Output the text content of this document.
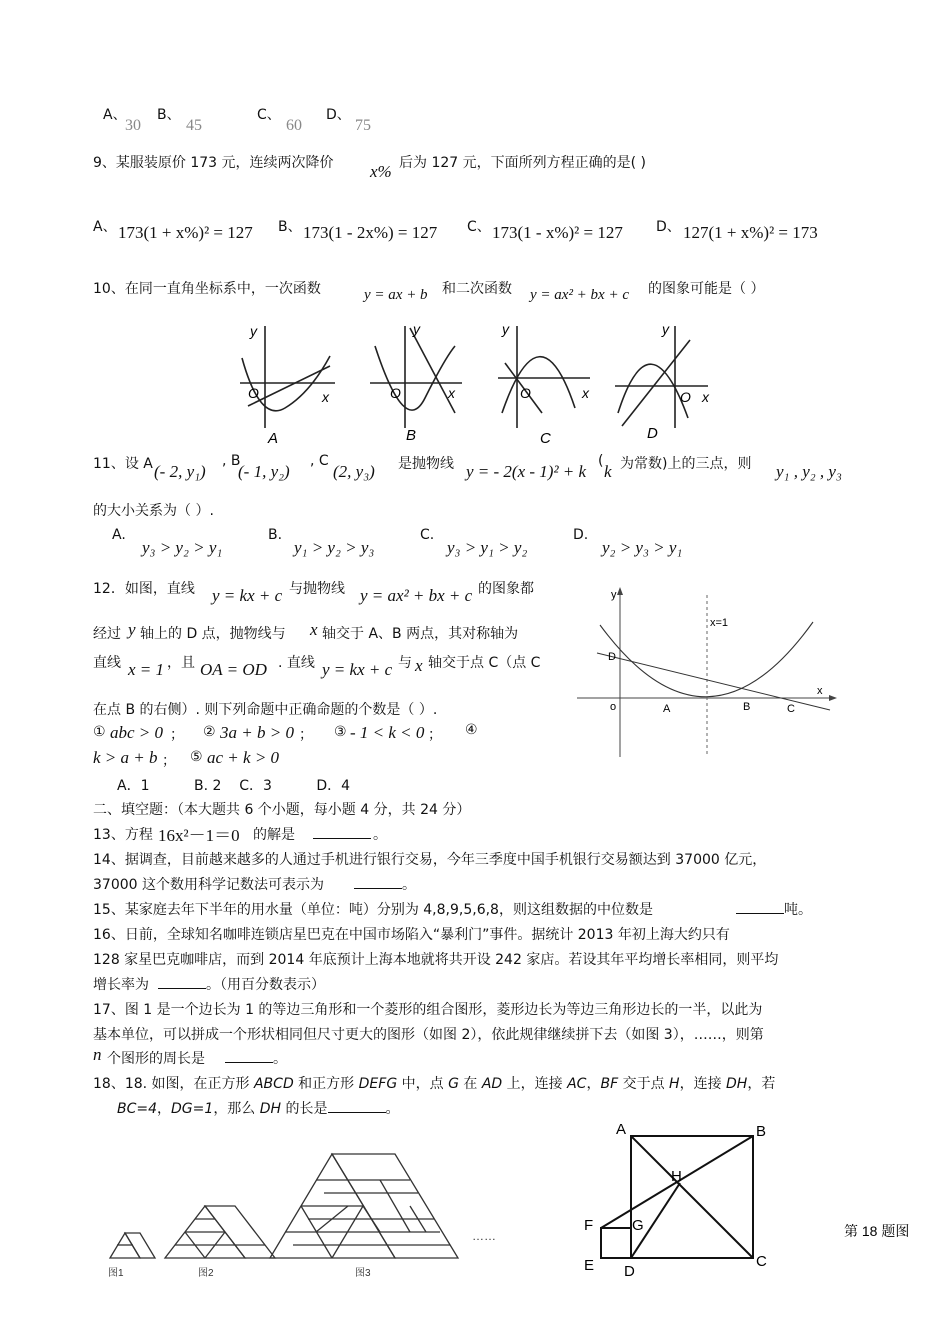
A、
30
B、
45
C、
60
D、
75
9、某服装原价 173 元，连续两次降价 x% 后为 127 元，下面所列方程正确的是( )
A、 173(1 + x%)² = 127 B、 173(1 - 2x%) = 127 C、 173(1 - x%)² = 127 D、 127(1 + x%)² = 173
10、在同一直角坐标系中，一次函数	y = ax + b 和二次函数 y = ax² + bx + c 的图象可能是（ ）
y
O	x
A
y
O	x
B
y
O	x
C
y
O x
D
11、设 A (- 2, y₁)
, B
(- 1, y₂)
, C
(2, y₃) 是抛物线 y = - 2(x - 1)² + k
(
k 为常数)上的三点，则 y₁ , y₂ , y₃
的大小关系为（ ）.
A.
y₃ > y₂ > y₁
B.
y₁ > y₂ > y₃
C.
y₃ > y₁ > y₂
D.
y₂ > y₃ > y₁
12．如图，直线 y = kx + c 与抛物线 y = ax² + bx + c 的图象都
经过 y 轴上的 D 点，抛物线与 x 轴交于 A、B 两点，其对称轴为
直线 x = 1 ，且 OA = OD . 直线 y = kx + c 与 x 轴交于点 C（点 C
在点 B 的右侧）. 则下列命题中正确命题的个数是（ ）.
① abc > 0 ； ② 3a + b > 0 ； ③ - 1 < k < 0 ； ④
k > a + b ； ⑤ ac + k > 0
A．1          B. 2    C．3          D．4
y
x
x=1
D
o	A	B	C
二、填空题：（本大题共 6 个小题，每小题 4 分，共 24 分）
13、方程 16x²－1＝0 的解是	。
14、据调查，目前越来越多的人通过手机进行银行交易，今年三季度中国手机银行交易额达到 37000 亿元，
37000 这个数用科学记数法可表示为	。
15、某家庭去年下半年的用水量（单位：吨）分别为 4,8,9,5,6,8，则这组数据的中位数是	吨。
16、日前，全球知名咖啡连锁店星巴克在中国市场陷入“暴利门”事件。据统计 2013 年初上海大约只有
128 家星巴克咖啡店，而到 2014 年底预计上海本地就将共开设 242 家店。若设其年平均增长率相同，则平均
增长率为	。（用百分数表示）
17、图 1 是一个边长为 1 的等边三角形和一个菱形的组合图形，菱形边长为等边三角形边长的一半，以此为
基本单位，可以拼成一个形状相同但尺寸更大的图形（如图 2），依此规律继续拼下去（如图 3），……，则第
n 个图形的周长是	。
18、18. 如图，在正方形 ABCD 和正方形 DEFG 中，点 G 在 AD 上，连接 AC，BF 交于点 H，连接 DH，若
BC=4，DG=1，那么 DH 的长是	。
图1	图2	图3
……
A	B
C
D
E
F	G
H
第 18 题图
